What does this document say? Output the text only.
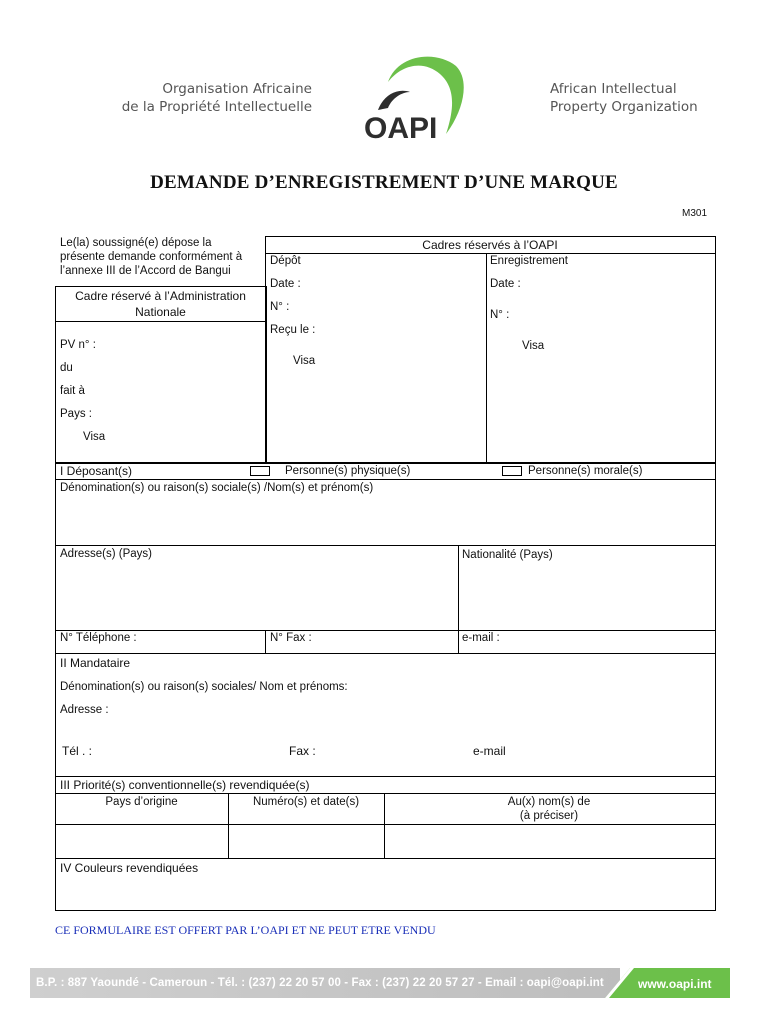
Organisation Africaine
de la Propriété Intellectuelle
OAPI
African Intellectual
Property Organization
DEMANDE D’ENREGISTREMENT D’UNE MARQUE
M301
Le(la) soussigné(e) dépose la
présente demande conformément à
l’annexe III de l’Accord de Bangui
Cadres réservés à l’OAPI
Dépôt
Date :
N° :
Reçu le :
Visa
Enregistrement
Date :
N° :
Visa
Cadre réservé à l’Administration
Nationale
PV n° :
du
fait à
Pays :
Visa
I Déposant(s)	Personne(s) physique(s)	Personne(s) morale(s)
Dénomination(s) ou raison(s) sociale(s) /Nom(s) et prénom(s)
Adresse(s) (Pays)	Nationalité (Pays)
N° Téléphone :	N° Fax :	e-mail :
II Mandataire
Dénomination(s) ou raison(s) sociales/ Nom et prénoms:
Adresse :
Tél . :	Fax :	e-mail
III Priorité(s) conventionnelle(s) revendiquée(s)
Pays d’origine	Numéro(s) et date(s)	Au(x) nom(s) de
(à préciser)
IV Couleurs revendiquées
CE FORMULAIRE EST OFFERT PAR L’OAPI ET NE PEUT ETRE VENDU
B.P. : 887 Yaoundé - Cameroun - Tél. : (237) 22 20 57 00 - Fax : (237) 22 20 57 27 - Email : oapi@oapi.int	www.oapi.int
